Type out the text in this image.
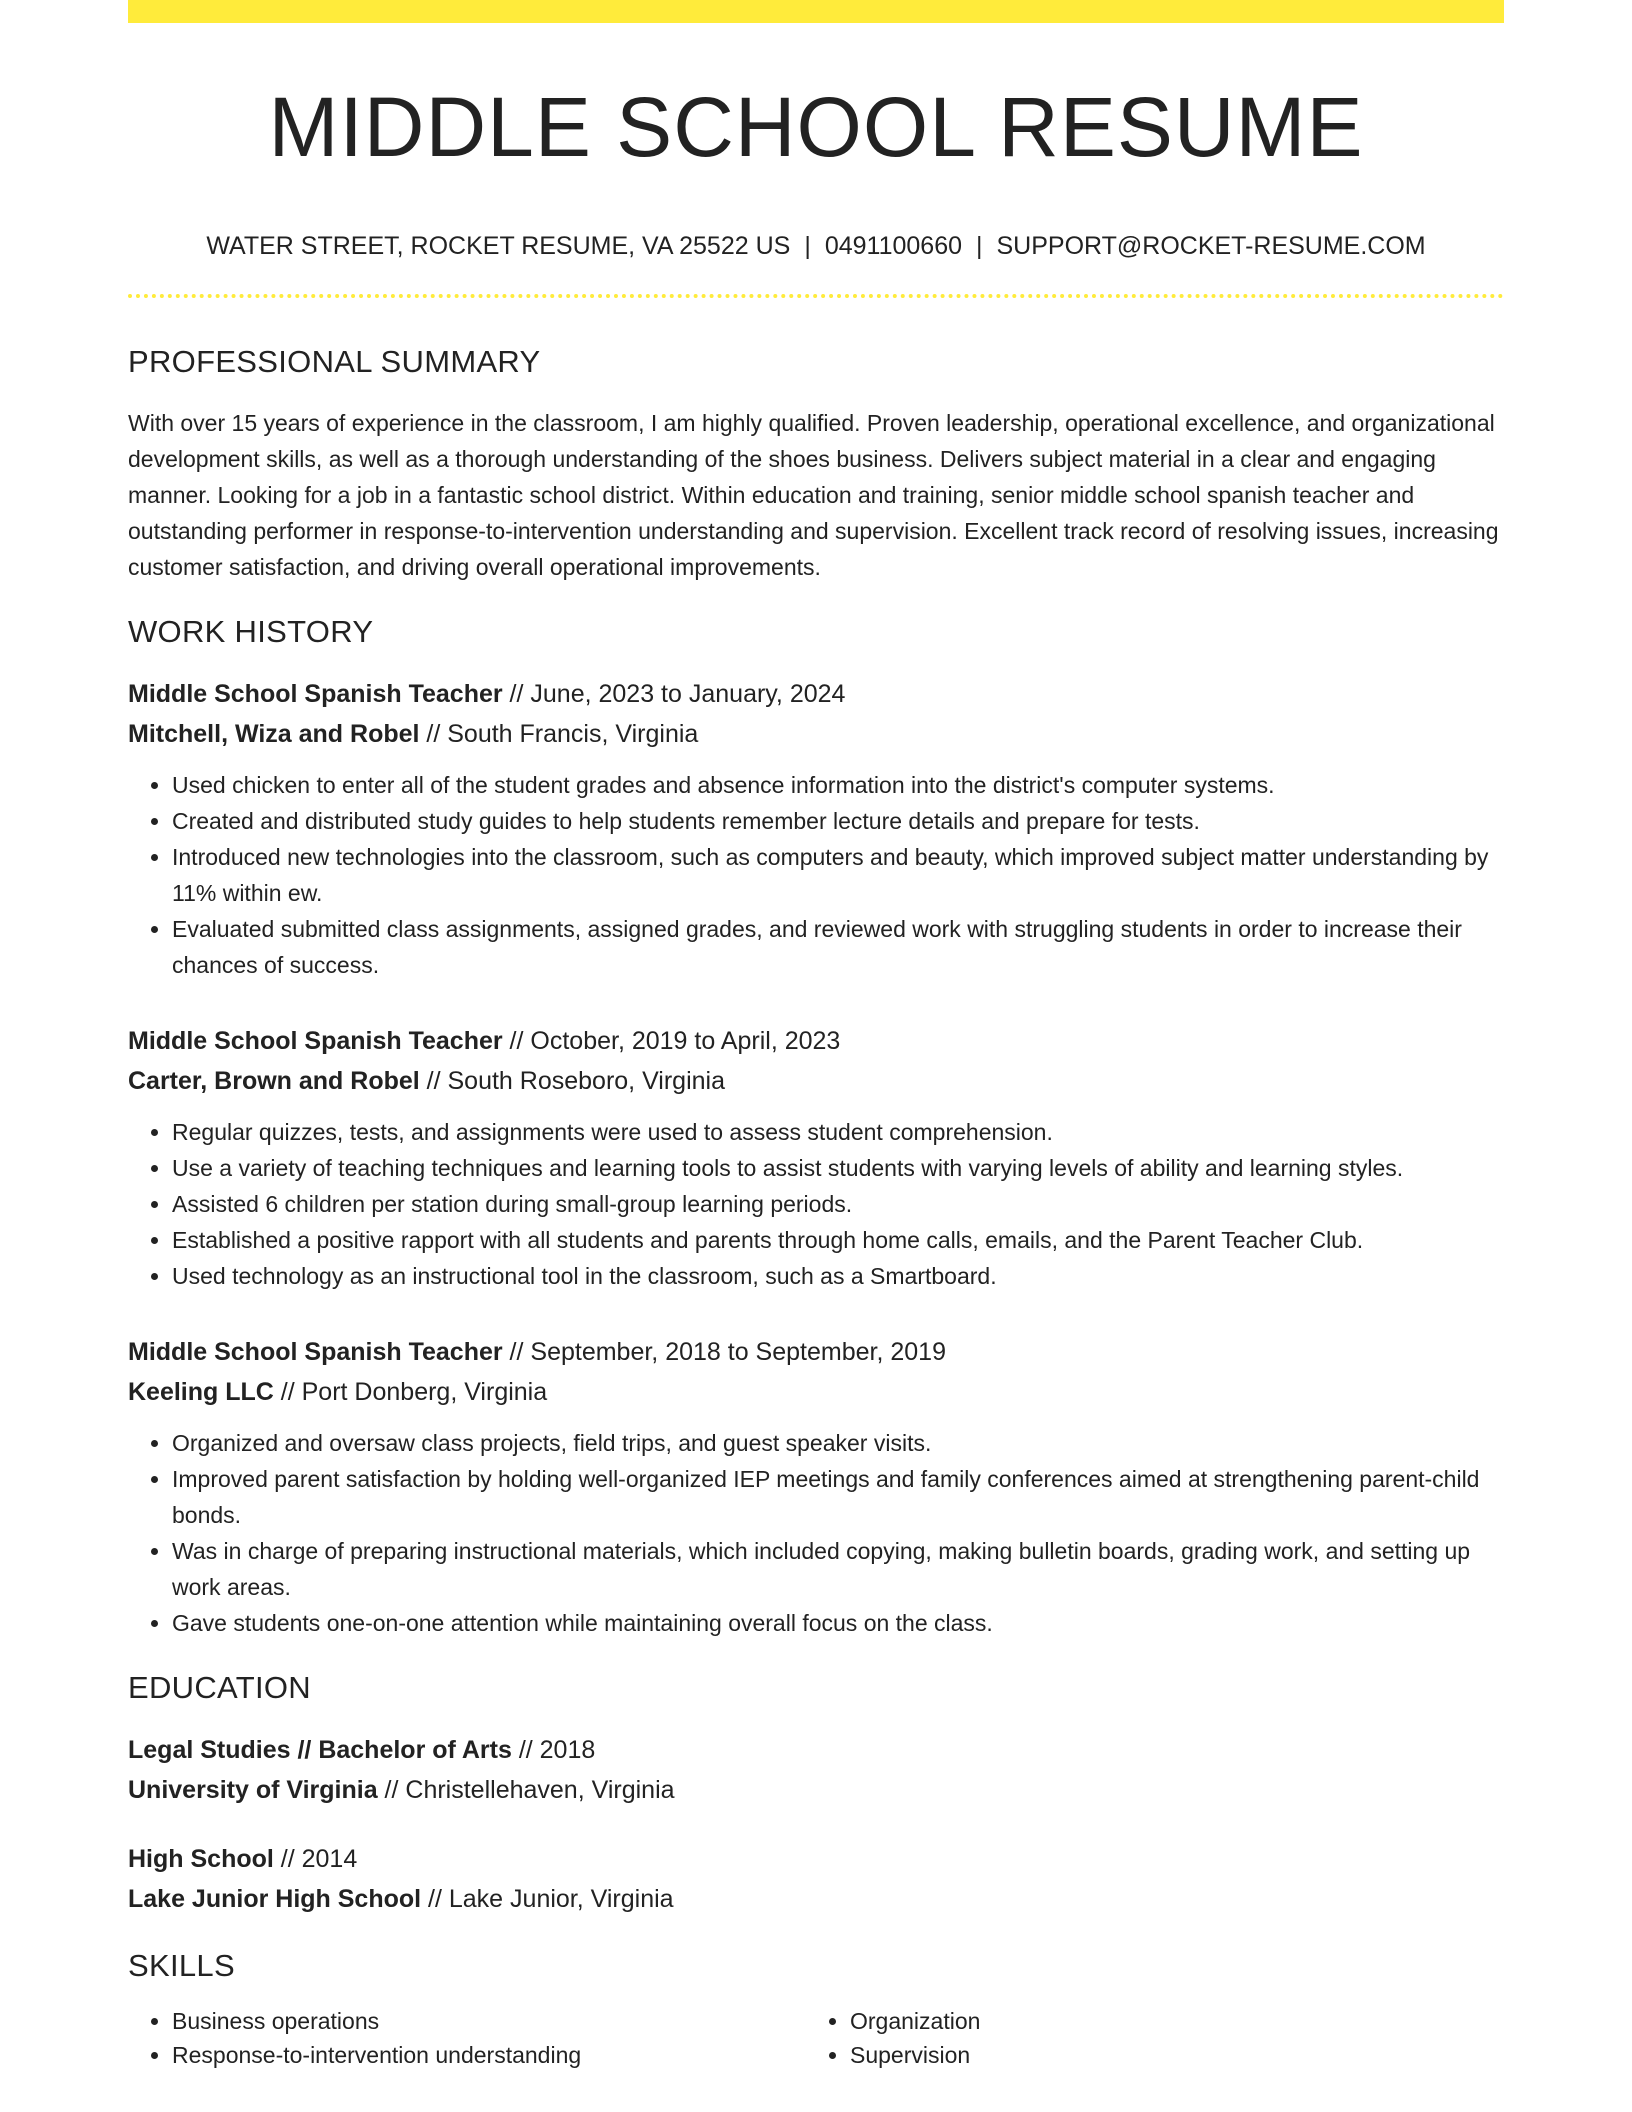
MIDDLE SCHOOL RESUME
WATER STREET, ROCKET RESUME, VA 25522 US | 0491100660 | SUPPORT@ROCKET-RESUME.COM
PROFESSIONAL SUMMARY

With over 15 years of experience in the classroom, I am highly qualified. Proven leadership, operational excellence, and organizational development skills, as well as a thorough understanding of the shoes business. Delivers subject material in a clear and engaging manner. Looking for a job in a fantastic school district. Within education and training, senior middle school spanish teacher and outstanding performer in response-to-intervention understanding and supervision. Excellent track record of resolving issues, increasing customer satisfaction, and driving overall operational improvements.

WORK HISTORY
Middle School Spanish Teacher // June, 2023 to January, 2024
Mitchell, Wiza and Robel // South Francis, Virginia
• Used chicken to enter all of the student grades and absence information into the district's computer systems.
• Created and distributed study guides to help students remember lecture details and prepare for tests.
• Introduced new technologies into the classroom, such as computers and beauty, which improved subject matter understanding by 11% within ew.
• Evaluated submitted class assignments, assigned grades, and reviewed work with struggling students in order to increase their chances of success.
Middle School Spanish Teacher // October, 2019 to April, 2023
Carter, Brown and Robel // South Roseboro, Virginia
• Regular quizzes, tests, and assignments were used to assess student comprehension.
• Use a variety of teaching techniques and learning tools to assist students with varying levels of ability and learning styles.
• Assisted 6 children per station during small-group learning periods.
• Established a positive rapport with all students and parents through home calls, emails, and the Parent Teacher Club.
• Used technology as an instructional tool in the classroom, such as a Smartboard.
Middle School Spanish Teacher // September, 2018 to September, 2019
Keeling LLC // Port Donberg, Virginia
• Organized and oversaw class projects, field trips, and guest speaker visits.
• Improved parent satisfaction by holding well-organized IEP meetings and family conferences aimed at strengthening parent-child bonds.
• Was in charge of preparing instructional materials, which included copying, making bulletin boards, grading work, and setting up work areas.
• Gave students one-on-one attention while maintaining overall focus on the class.
EDUCATION
Legal Studies // Bachelor of Arts // 2018
University of Virginia // Christellehaven, Virginia
High School // 2014
Lake Junior High School // Lake Junior, Virginia
SKILLS
• Business operations
• Response-to-intervention understanding
• Organization
• Supervision
